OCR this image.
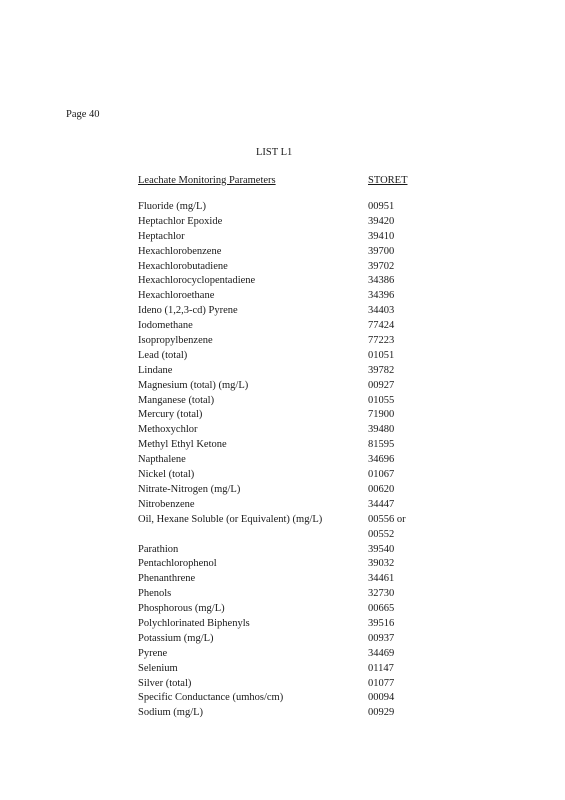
Page 40
LIST L1
Leachate Monitoring Parameters	STORET
Fluoride (mg/L)	00951
Heptachlor Epoxide	39420
Heptachlor	39410
Hexachlorobenzene	39700
Hexachlorobutadiene	39702
Hexachlorocyclopentadiene	34386
Hexachloroethane	34396
Ideno (1,2,3-cd) Pyrene	34403
Iodomethane	77424
Isopropylbenzene	77223
Lead (total)	01051
Lindane	39782
Magnesium (total) (mg/L)	00927
Manganese (total)	01055
Mercury (total)	71900
Methoxychlor	39480
Methyl Ethyl Ketone	81595
Napthalene	34696
Nickel (total)	01067
Nitrate-Nitrogen (mg/L)	00620
Nitrobenzene	34447
Oil, Hexane Soluble (or Equivalent) (mg/L)	00556 or 00552
Parathion	39540
Pentachlorophenol	39032
Phenanthrene	34461
Phenols	32730
Phosphorous (mg/L)	00665
Polychlorinated Biphenyls	39516
Potassium (mg/L)	00937
Pyrene	34469
Selenium	01147
Silver (total)	01077
Specific Conductance (umhos/cm)	00094
Sodium (mg/L)	00929
